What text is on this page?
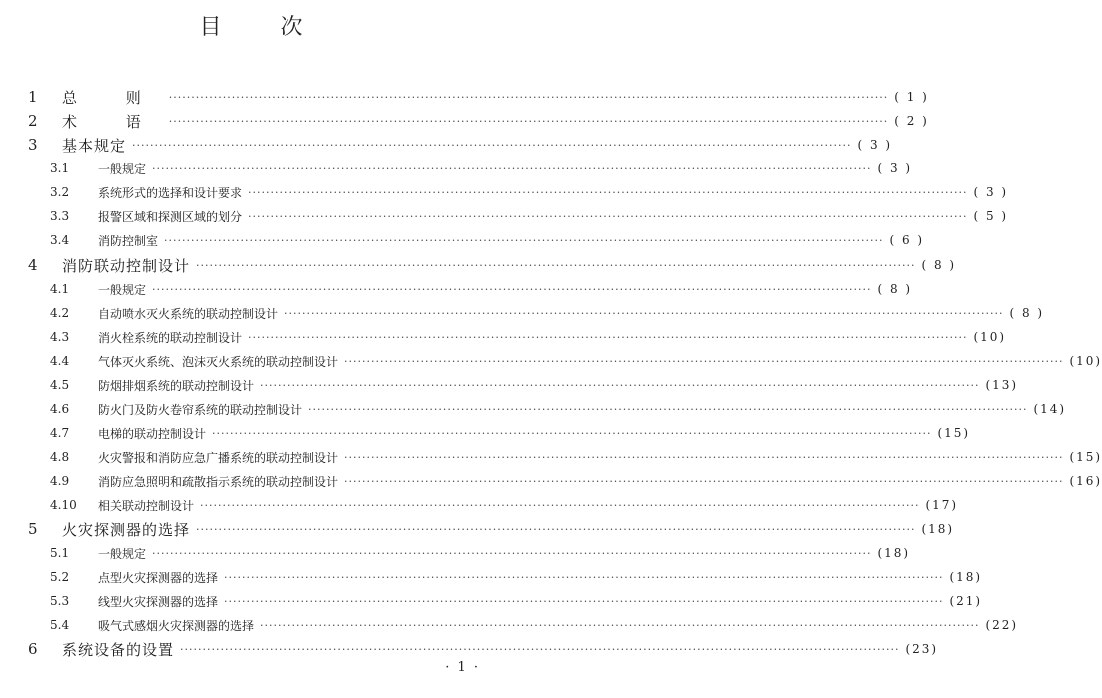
目 次
1	总 则 ································································································································································ ( 1 )
2	术 语 ································································································································································ ( 2 )
3	基本规定 ································································································································································ ( 3 )
3.1	一般规定 ································································································································································ ( 3 )
3.2	系统形式的选择和设计要求 ································································································································································ ( 3 )
3.3	报警区域和探测区域的划分 ································································································································································ ( 5 )
3.4	消防控制室 ································································································································································ ( 6 )
4	消防联动控制设计 ································································································································································ ( 8 )
4.1	一般规定 ································································································································································ ( 8 )
4.2	自动喷水灭火系统的联动控制设计 ································································································································································ ( 8 )
4.3	消火栓系统的联动控制设计 ································································································································································ (10)
4.4	气体灭火系统、泡沫灭火系统的联动控制设计 ································································································································································ (10)
4.5	防烟排烟系统的联动控制设计 ································································································································································ (13)
4.6	防火门及防火卷帘系统的联动控制设计 ································································································································································ (14)
4.7	电梯的联动控制设计 ································································································································································ (15)
4.8	火灾警报和消防应急广播系统的联动控制设计 ································································································································································ (15)
4.9	消防应急照明和疏散指示系统的联动控制设计 ································································································································································ (16)
4.10	相关联动控制设计 ································································································································································ (17)
5	火灾探测器的选择 ································································································································································ (18)
5.1	一般规定 ································································································································································ (18)
5.2	点型火灾探测器的选择 ································································································································································ (18)
5.3	线型火灾探测器的选择 ································································································································································ (21)
5.4	吸气式感烟火灾探测器的选择 ································································································································································ (22)
6	系统设备的设置 ································································································································································ (23)
· 1 ·
